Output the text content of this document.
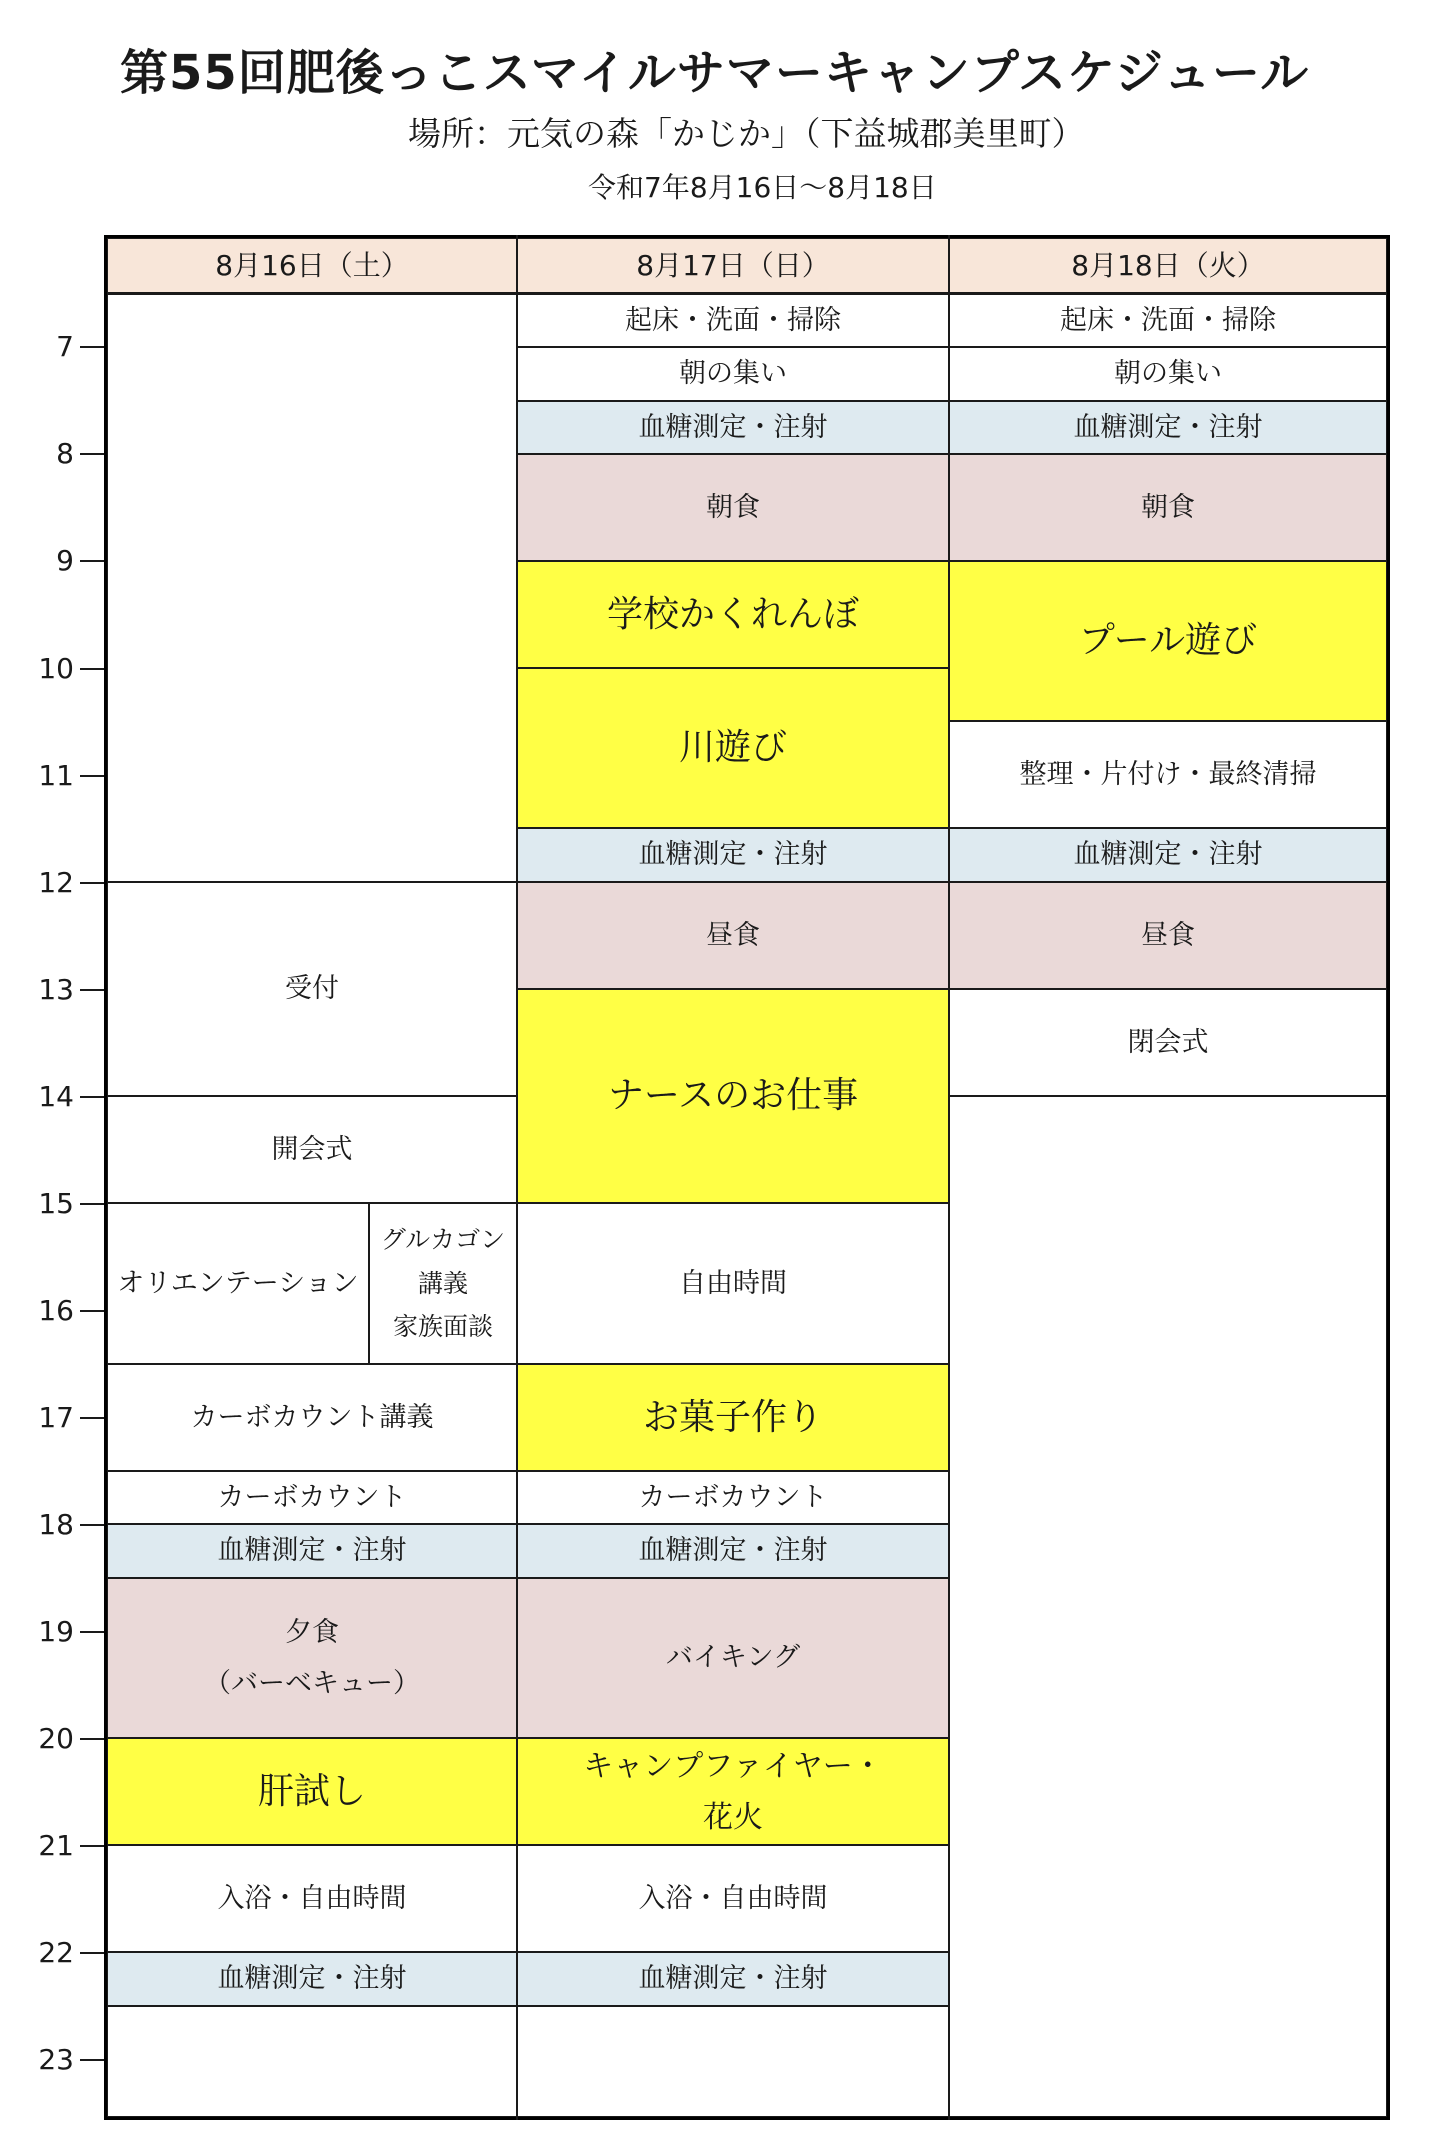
第55回肥後っこスマイルサマーキャンプスケジュール
場所：元気の森「かじか」（下益城郡美里町）
令和7年8月16日〜8月18日
7
8
9
10
11
12
13
14
15
16
17
18
19
20
21
22
23
8月16日（土）	8月17日（日）	8月18日（火）
受付
開会式
オリエンテーション
グルカゴン
講義
家族面談
カーボカウント講義
カーボカウント
血糖測定・注射
夕食
（バーベキュー）
肝試し
入浴・自由時間
血糖測定・注射
起床・洗面・掃除
朝の集い
血糖測定・注射
朝食
学校かくれんぼ
川遊び
血糖測定・注射
昼食
ナースのお仕事
自由時間
お菓子作り
カーボカウント
血糖測定・注射
バイキング
キャンプファイヤー・
花火
入浴・自由時間
血糖測定・注射
起床・洗面・掃除
朝の集い
血糖測定・注射
朝食
プール遊び
整理・片付け・最終清掃
血糖測定・注射
昼食
閉会式
